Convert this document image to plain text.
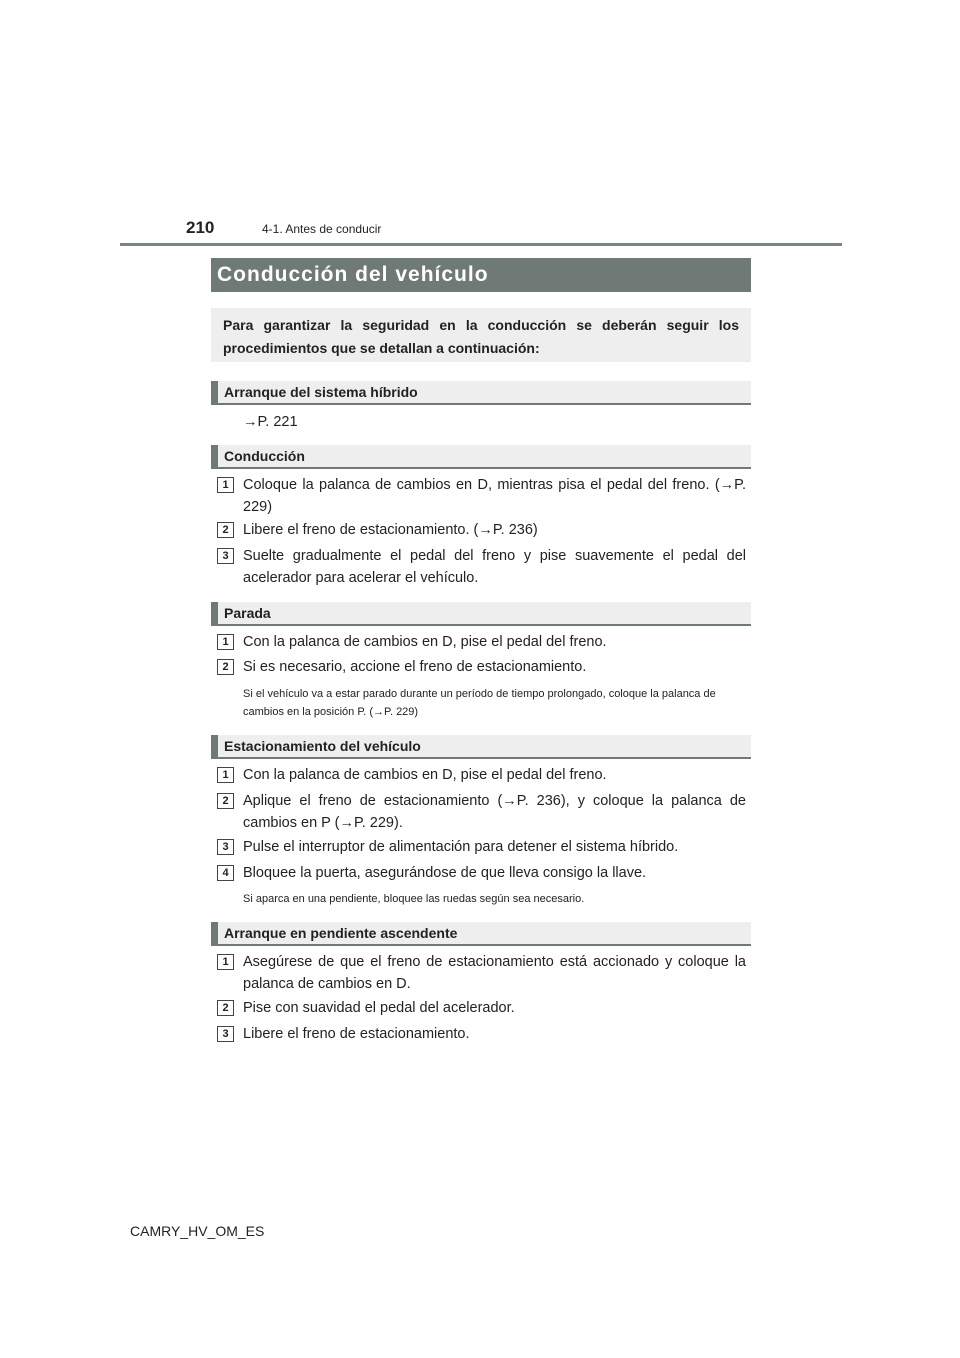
210	4-1. Antes de conducir
Conducción del vehículo
Para garantizar la seguridad en la conducción se deberán seguir los procedimientos que se detallan a continuación:
Arranque del sistema híbrido
→P. 221
Conducción
1 Coloque la palanca de cambios en D, mientras pisa el pedal del freno. (→P. 229)
2 Libere el freno de estacionamiento. (→P. 236)
3 Suelte gradualmente el pedal del freno y pise suavemente el pedal del acelerador para acelerar el vehículo.
Parada
1 Con la palanca de cambios en D, pise el pedal del freno.
2 Si es necesario, accione el freno de estacionamiento.
Si el vehículo va a estar parado durante un período de tiempo prolongado, coloque la palanca de cambios en la posición P. (→P. 229)
Estacionamiento del vehículo
1 Con la palanca de cambios en D, pise el pedal del freno.
2 Aplique el freno de estacionamiento (→P. 236), y coloque la palanca de cambios en P (→P. 229).
3 Pulse el interruptor de alimentación para detener el sistema híbrido.
4 Bloquee la puerta, asegurándose de que lleva consigo la llave.
Si aparca en una pendiente, bloquee las ruedas según sea necesario.
Arranque en pendiente ascendente
1 Asegúrese de que el freno de estacionamiento está accionado y coloque la palanca de cambios en D.
2 Pise con suavidad el pedal del acelerador.
3 Libere el freno de estacionamiento.
CAMRY_HV_OM_ES
